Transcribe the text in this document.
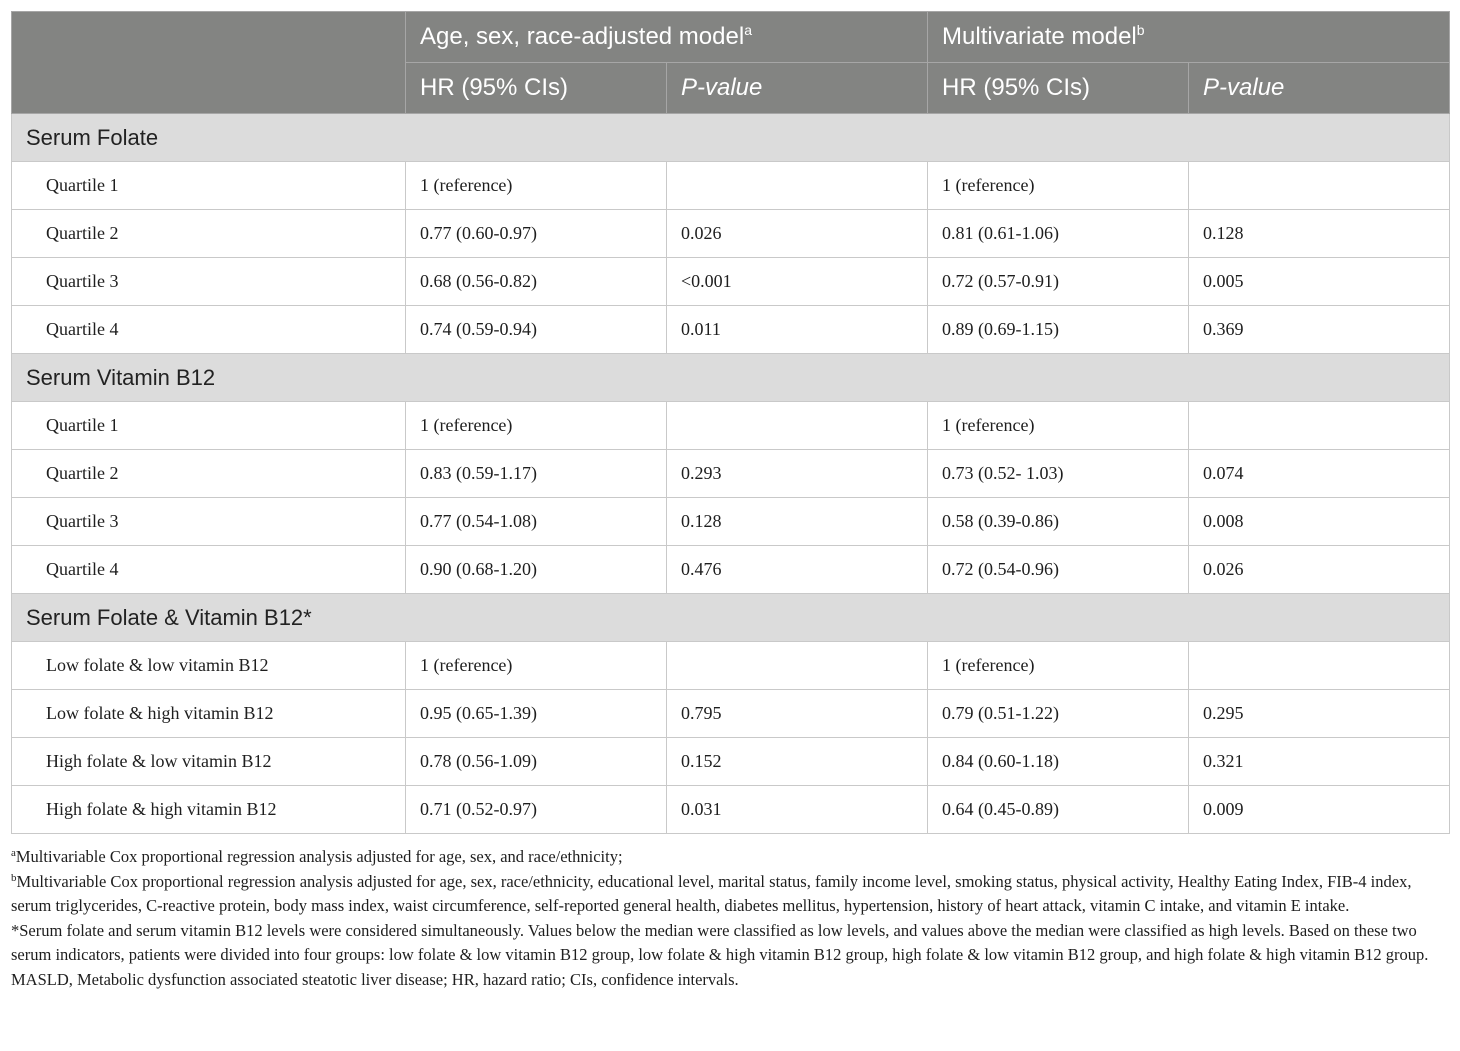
	Age, sex, race-adjusted model$^a$		Multivariate model$^b$
	HR (95% CIs)	P-value	HR (95% CIs)	P-value
Serum Folate				
Quartile 1	1 (reference)		1 (reference)	
Quartile 2	0.77 (0.60-0.97)	0.026	0.81 (0.61-1.06)	0.128
Quartile 3	0.68 (0.56-0.82)	<0.001	0.72 (0.57-0.91)	0.005
Quartile 4	0.74 (0.59-0.94)	0.011	0.89 (0.69-1.15)	0.369
Serum Vitamin B12				
Quartile 1	1 (reference)		1 (reference)	
Quartile 2	0.83 (0.59-1.17)	0.293	0.73 (0.52- 1.03)	0.074
Quartile 3	0.77 (0.54-1.08)	0.128	0.58 (0.39-0.86)	0.008
Quartile 4	0.90 (0.68-1.20)	0.476	0.72 (0.54-0.96)	0.026
Serum Folate & Vitamin B12*				
Low folate & low vitamin B12	1 (reference)		1 (reference)	
Low folate & high vitamin B12	0.95 (0.65-1.39)	0.795	0.79 (0.51-1.22)	0.295
High folate & low vitamin B12	0.78 (0.56-1.09)	0.152	0.84 (0.60-1.18)	0.321
High folate & high vitamin B12	0.71 (0.52-0.97)	0.031	0.64 (0.45-0.89)	0.009

$^a$Multivariable Cox proportional regression analysis adjusted for age, sex, and race/ethnicity;

$^b$Multivariable Cox proportional regression analysis adjusted for age, sex, race/ethnicity, educational level, marital status, family income level, smoking status, physical activity, Healthy Eating Index, FIB-4 index, serum triglycerides, C-reactive protein, body mass index, waist circumference, self-reported general health, diabetes mellitus, hypertension, history of heart attack, vitamin C intake, and vitamin E intake.

*Serum folate and serum vitamin B12 levels were considered simultaneously. Values below the median were classified as low levels, and values above the median were classified as high levels. Based on these two serum indicators, patients were divided into four groups: low folate & low vitamin B12 group, low folate & high vitamin B12 group, high folate & low vitamin B12 group, and high folate & high vitamin B12 group.

MASLD, Metabolic dysfunction associated steatotic liver disease; HR, hazard ratio; CIs, confidence intervals.
